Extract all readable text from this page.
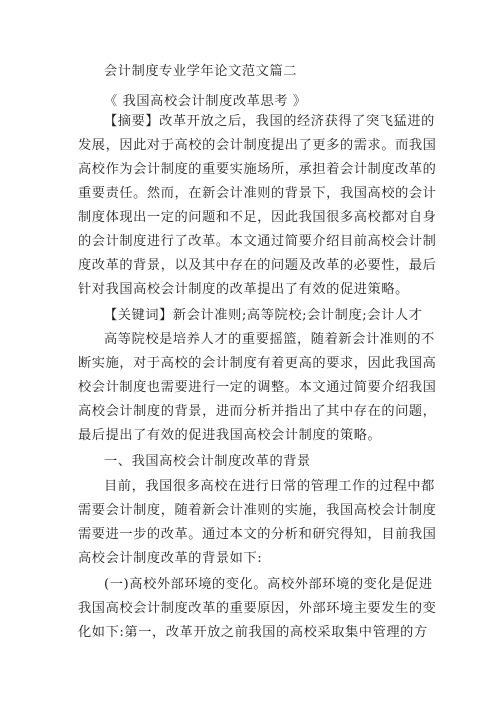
会计制度专业学年论文范文篇二
《 我国高校会计制度改革思考 》
【摘要】改革开放之后，我国的经济获得了突飞猛进的
发展，因此对于高校的会计制度提出了更多的需求。而我国
高校作为会计制度的重要实施场所，承担着会计制度改革的
重要责任。然而，在新会计准则的背景下，我国高校的会计
制度体现出一定的问题和不足，因此我国很多高校都对自身
的会计制度进行了改革。本文通过简要介绍目前高校会计制
度改革的背景，以及其中存在的问题及改革的必要性，最后
针对我国高校会计制度的改革提出了有效的促进策略。
【关键词】新会计准则;高等院校;会计制度;会计人才
高等院校是培养人才的重要摇篮，随着新会计准则的不
断实施，对于高校的会计制度有着更高的要求，因此我国高
校会计制度也需要进行一定的调整。本文通过简要介绍我国
高校会计制度的背景，进而分析并指出了其中存在的问题，
最后提出了有效的促进我国高校会计制度的策略。
一、我国高校会计制度改革的背景
目前，我国很多高校在进行日常的管理工作的过程中都
需要会计制度，随着新会计准则的实施，我国高校会计制度
需要进一步的改革。通过本文的分析和研究得知，目前我国
高校会计制度改革的背景如下:
(一)高校外部环境的变化。高校外部环境的变化是促进
我国高校会计制度改革的重要原因，外部环境主要发生的变
化如下:第一，改革开放之前我国的高校采取集中管理的方
